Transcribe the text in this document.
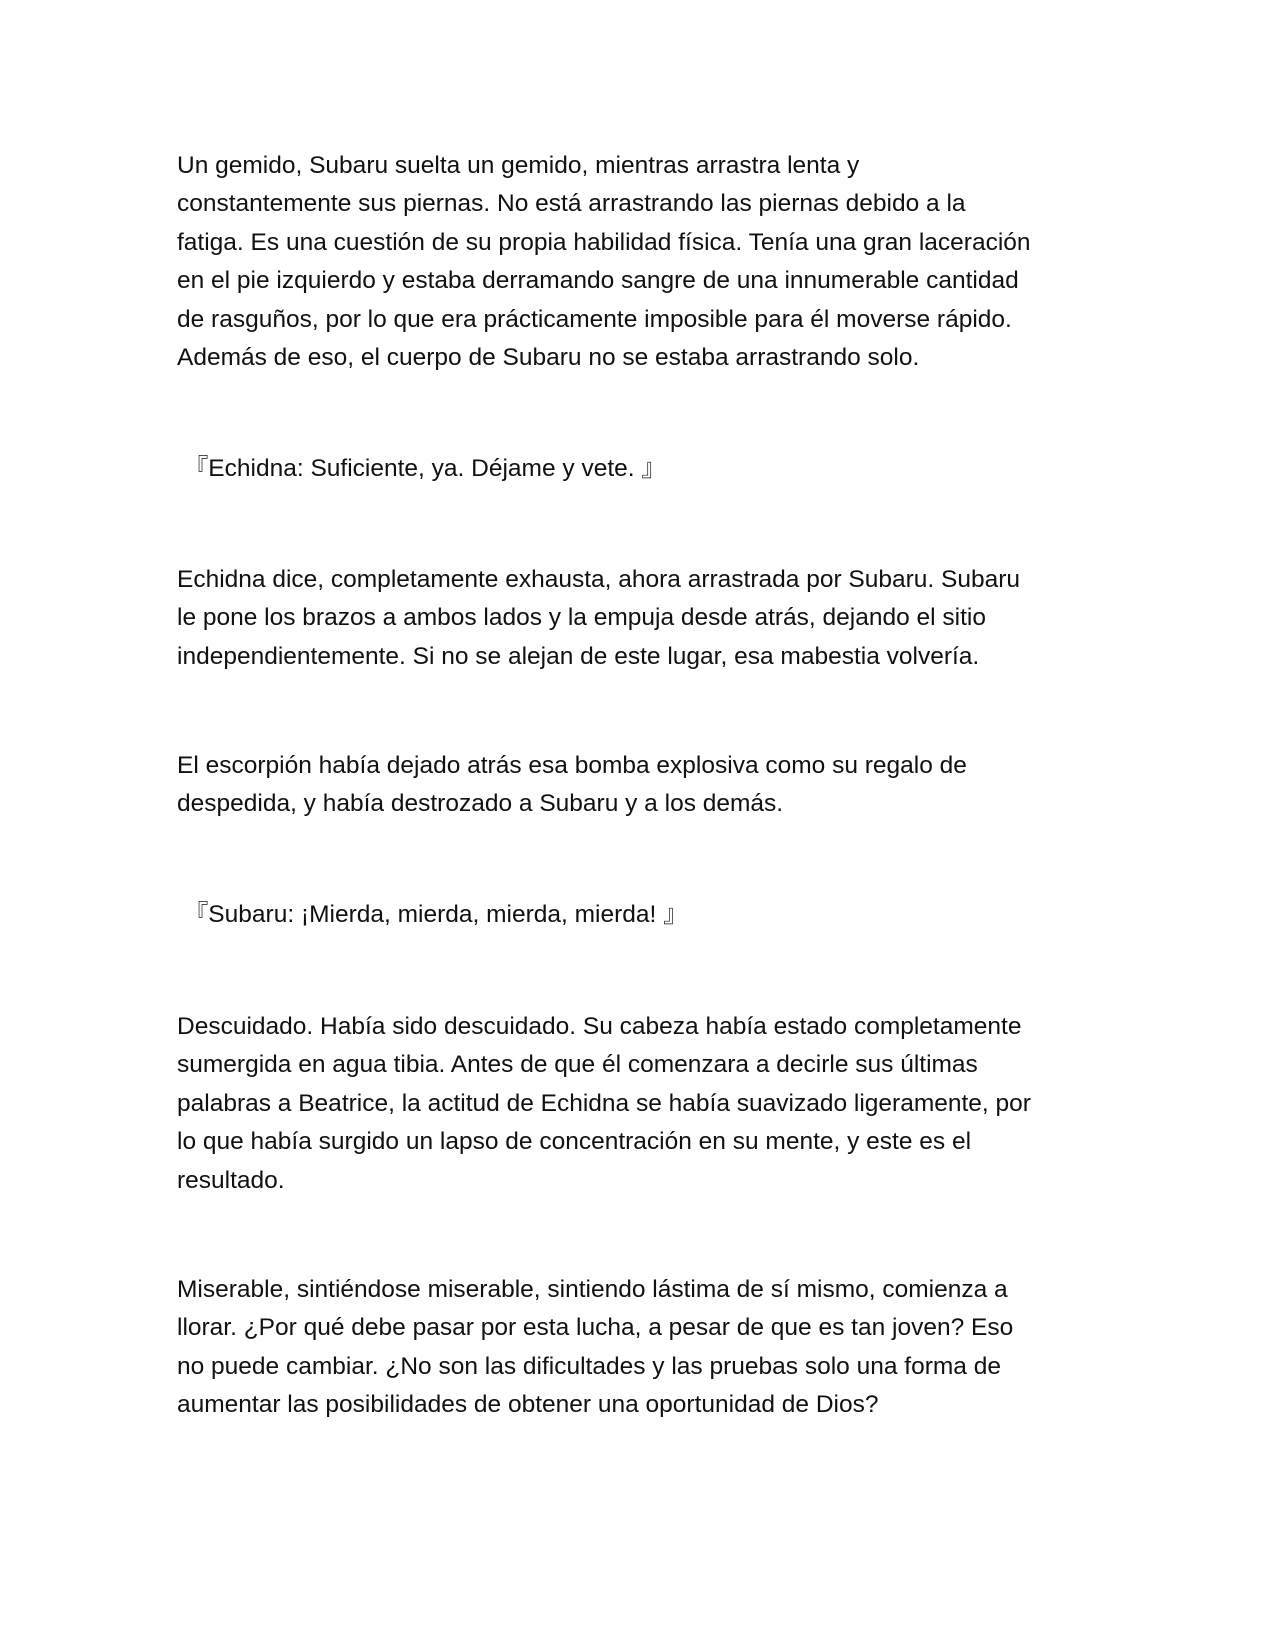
Un gemido, Subaru suelta un gemido, mientras arrastra lenta y
constantemente sus piernas. No está arrastrando las piernas debido a la
fatiga. Es una cuestión de su propia habilidad física. Tenía una gran laceración
en el pie izquierdo y estaba derramando sangre de una innumerable cantidad
de rasguños, por lo que era prácticamente imposible para él moverse rápido.
Además de eso, el cuerpo de Subaru no se estaba arrastrando solo.
『Echidna: Suficiente, ya. Déjame y vete. 』
Echidna dice, completamente exhausta, ahora arrastrada por Subaru. Subaru
le pone los brazos a ambos lados y la empuja desde atrás, dejando el sitio
independientemente. Si no se alejan de este lugar, esa mabestia volvería.
El escorpión había dejado atrás esa bomba explosiva como su regalo de
despedida, y había destrozado a Subaru y a los demás.
『Subaru: ¡Mierda, mierda, mierda, mierda! 』
Descuidado. Había sido descuidado. Su cabeza había estado completamente
sumergida en agua tibia. Antes de que él comenzara a decirle sus últimas
palabras a Beatrice, la actitud de Echidna se había suavizado ligeramente, por
lo que había surgido un lapso de concentración en su mente, y este es el
resultado.
Miserable, sintiéndose miserable, sintiendo lástima de sí mismo, comienza a
llorar. ¿Por qué debe pasar por esta lucha, a pesar de que es tan joven? Eso
no puede cambiar. ¿No son las dificultades y las pruebas solo una forma de
aumentar las posibilidades de obtener una oportunidad de Dios?
